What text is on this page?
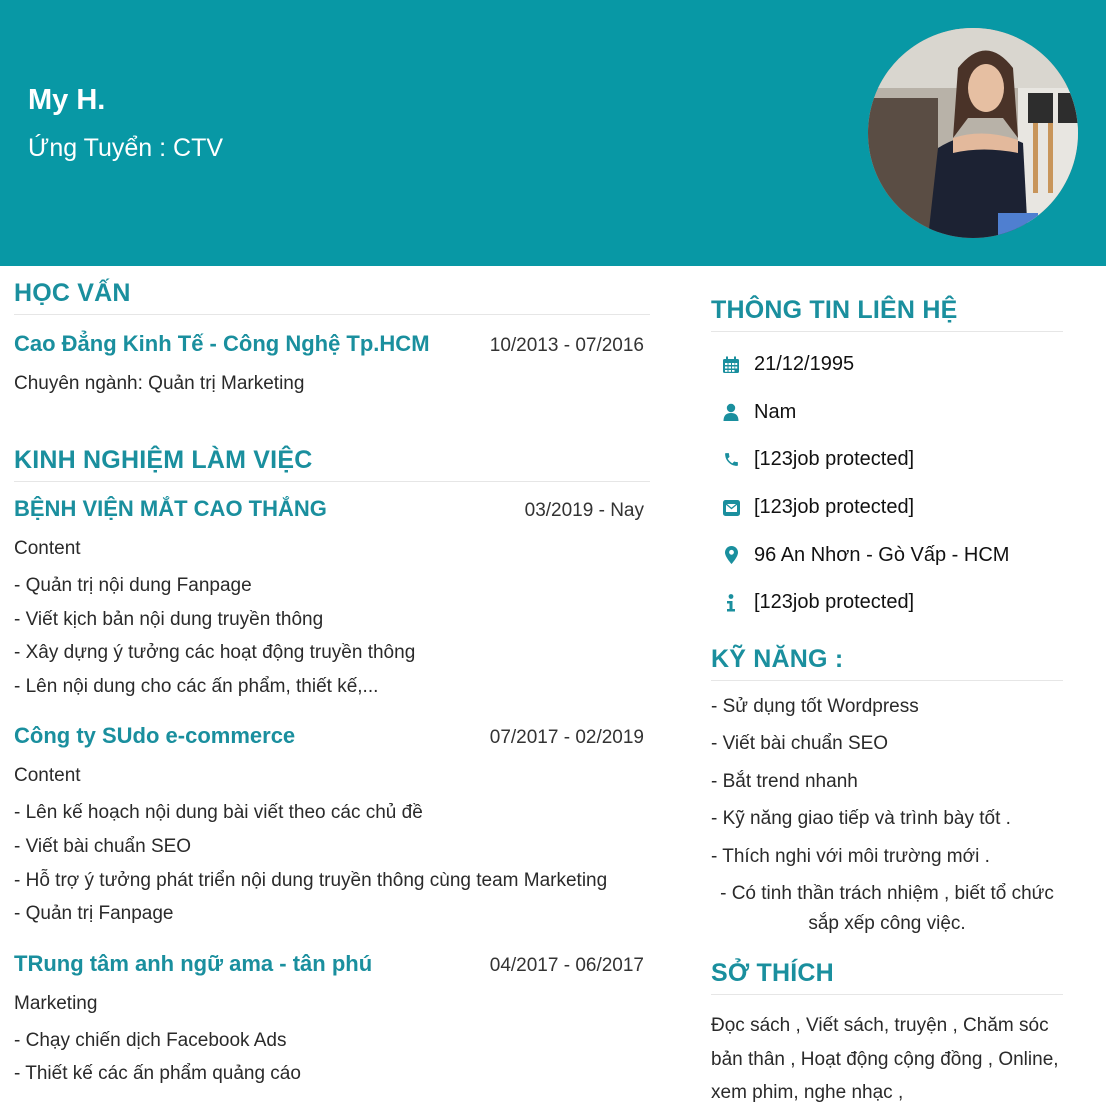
My H.
Ứng Tuyển : CTV
HỌC VẤN
Cao Đẳng Kinh Tế - Công Nghệ Tp.HCM	10/2013 - 07/2016
Chuyên ngành: Quản trị Marketing
KINH NGHIỆM LÀM VIỆC
BỆNH VIỆN MẮT CAO THẮNG	03/2019 - Nay
Content
- Quản trị nội dung Fanpage
- Viết kịch bản nội dung truyền thông
- Xây dựng ý tưởng các hoạt động truyền thông
- Lên nội dung cho các ấn phẩm, thiết kế,...
Công ty SUdo e-commerce	07/2017 - 02/2019
Content
- Lên kế hoạch nội dung bài viết theo các chủ đề
- Viết bài chuẩn SEO
- Hỗ trợ ý tưởng phát triển nội dung truyền thông cùng team Marketing
- Quản trị Fanpage
TRung tâm anh ngữ ama - tân phú	04/2017 - 06/2017
Marketing
- Chạy chiến dịch Facebook Ads
- Thiết kế các ấn phẩm quảng cáo
THÔNG TIN LIÊN HỆ
21/12/1995
Nam
[123job protected]
[123job protected]
96 An Nhơn - Gò Vấp - HCM
[123job protected]
KỸ NĂNG :
- Sử dụng tốt Wordpress
- Viết bài chuẩn SEO
- Bắt trend nhanh
- Kỹ năng giao tiếp và trình bày tốt .
- Thích nghi với môi trường mới .
- Có tinh thần trách nhiệm , biết tổ chức sắp xếp công việc.
SỞ THÍCH
Đọc sách , Viết sách, truyện , Chăm sóc bản thân , Hoạt động cộng đồng , Online, xem phim, nghe nhạc ,
